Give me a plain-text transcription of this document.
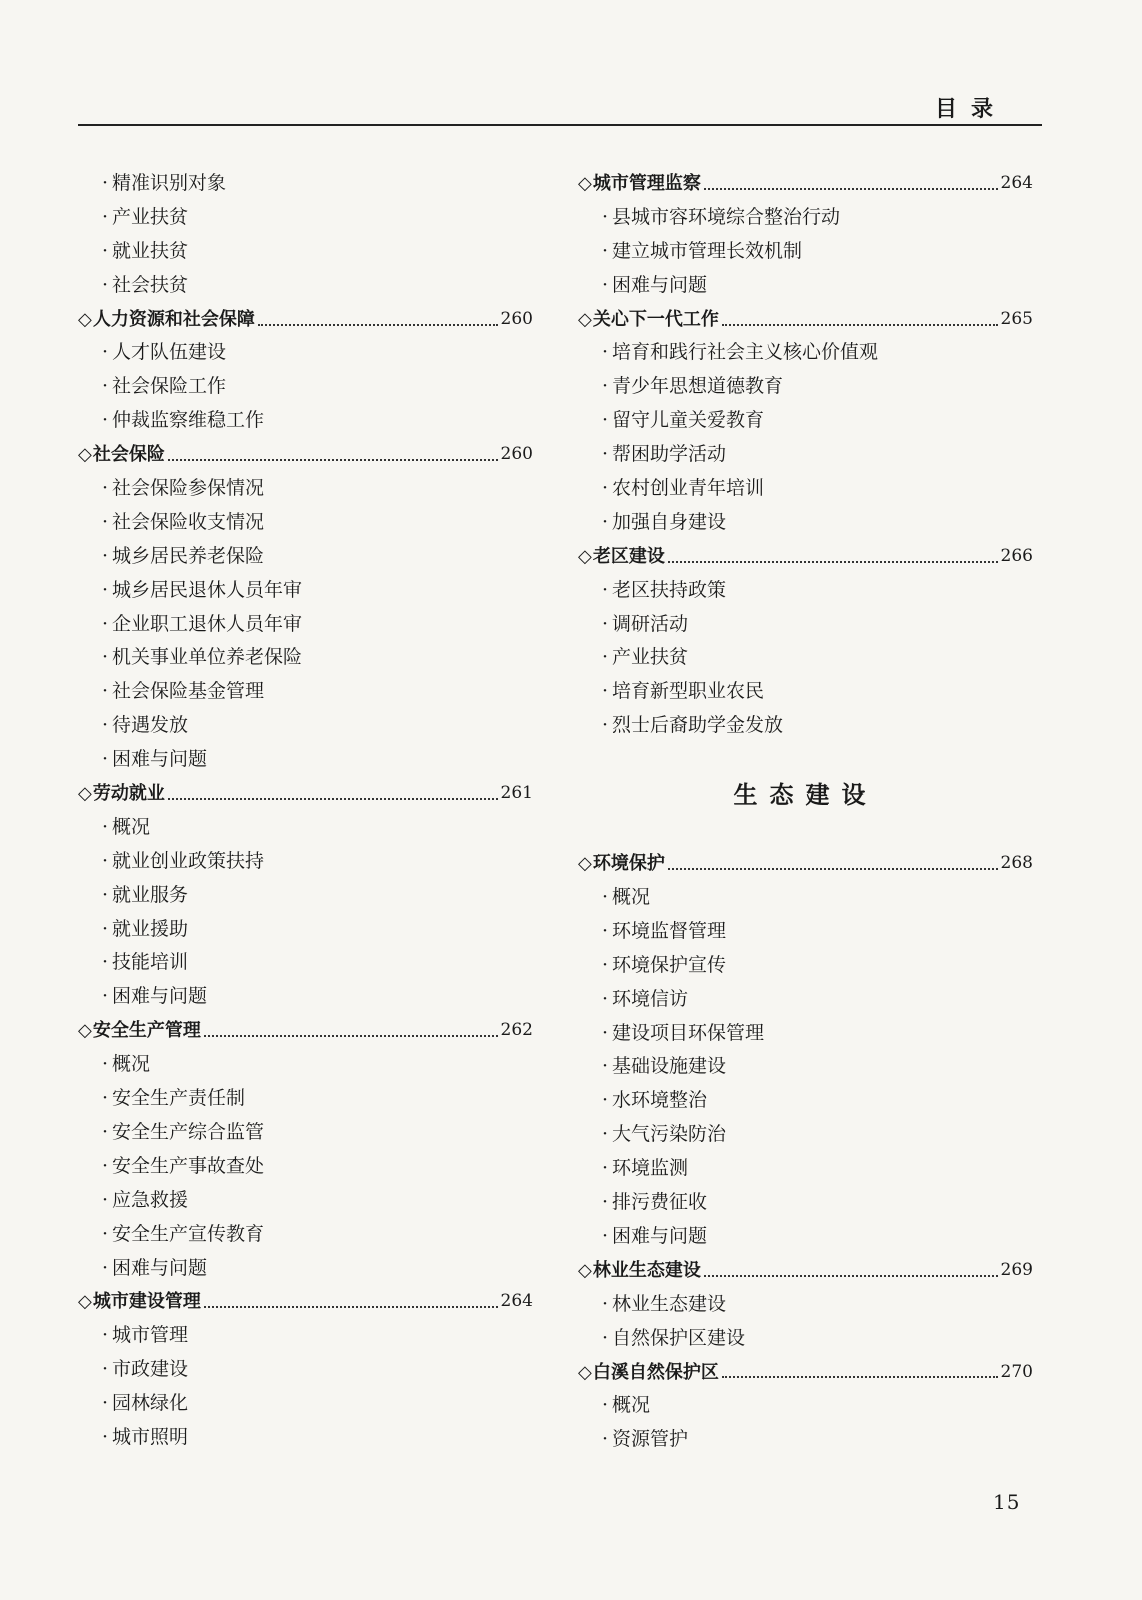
目录
· 精准识别对象
· 产业扶贫
· 就业扶贫
· 社会扶贫
◇ 人力资源和社会保障	260
· 人才队伍建设
· 社会保险工作
· 仲裁监察维稳工作
◇ 社会保险	260
· 社会保险参保情况
· 社会保险收支情况
· 城乡居民养老保险
· 城乡居民退休人员年审
· 企业职工退休人员年审
· 机关事业单位养老保险
· 社会保险基金管理
· 待遇发放
· 困难与问题
◇ 劳动就业	261
· 概况
· 就业创业政策扶持
· 就业服务
· 就业援助
· 技能培训
· 困难与问题
◇ 安全生产管理	262
· 概况
· 安全生产责任制
· 安全生产综合监管
· 安全生产事故查处
· 应急救援
· 安全生产宣传教育
· 困难与问题
◇ 城市建设管理	264
· 城市管理
· 市政建设
· 园林绿化
· 城市照明
◇ 城市管理监察	264
· 县城市容环境综合整治行动
· 建立城市管理长效机制
· 困难与问题
◇ 关心下一代工作	265
· 培育和践行社会主义核心价值观
· 青少年思想道德教育
· 留守儿童关爱教育
· 帮困助学活动
· 农村创业青年培训
· 加强自身建设
◇ 老区建设	266
· 老区扶持政策
· 调研活动
· 产业扶贫
· 培育新型职业农民
· 烈士后裔助学金发放
生态建设
◇ 环境保护	268
· 概况
· 环境监督管理
· 环境保护宣传
· 环境信访
· 建设项目环保管理
· 基础设施建设
· 水环境整治
· 大气污染防治
· 环境监测
· 排污费征收
· 困难与问题
◇ 林业生态建设	269
· 林业生态建设
· 自然保护区建设
◇ 白溪自然保护区	270
· 概况
· 资源管护
15
